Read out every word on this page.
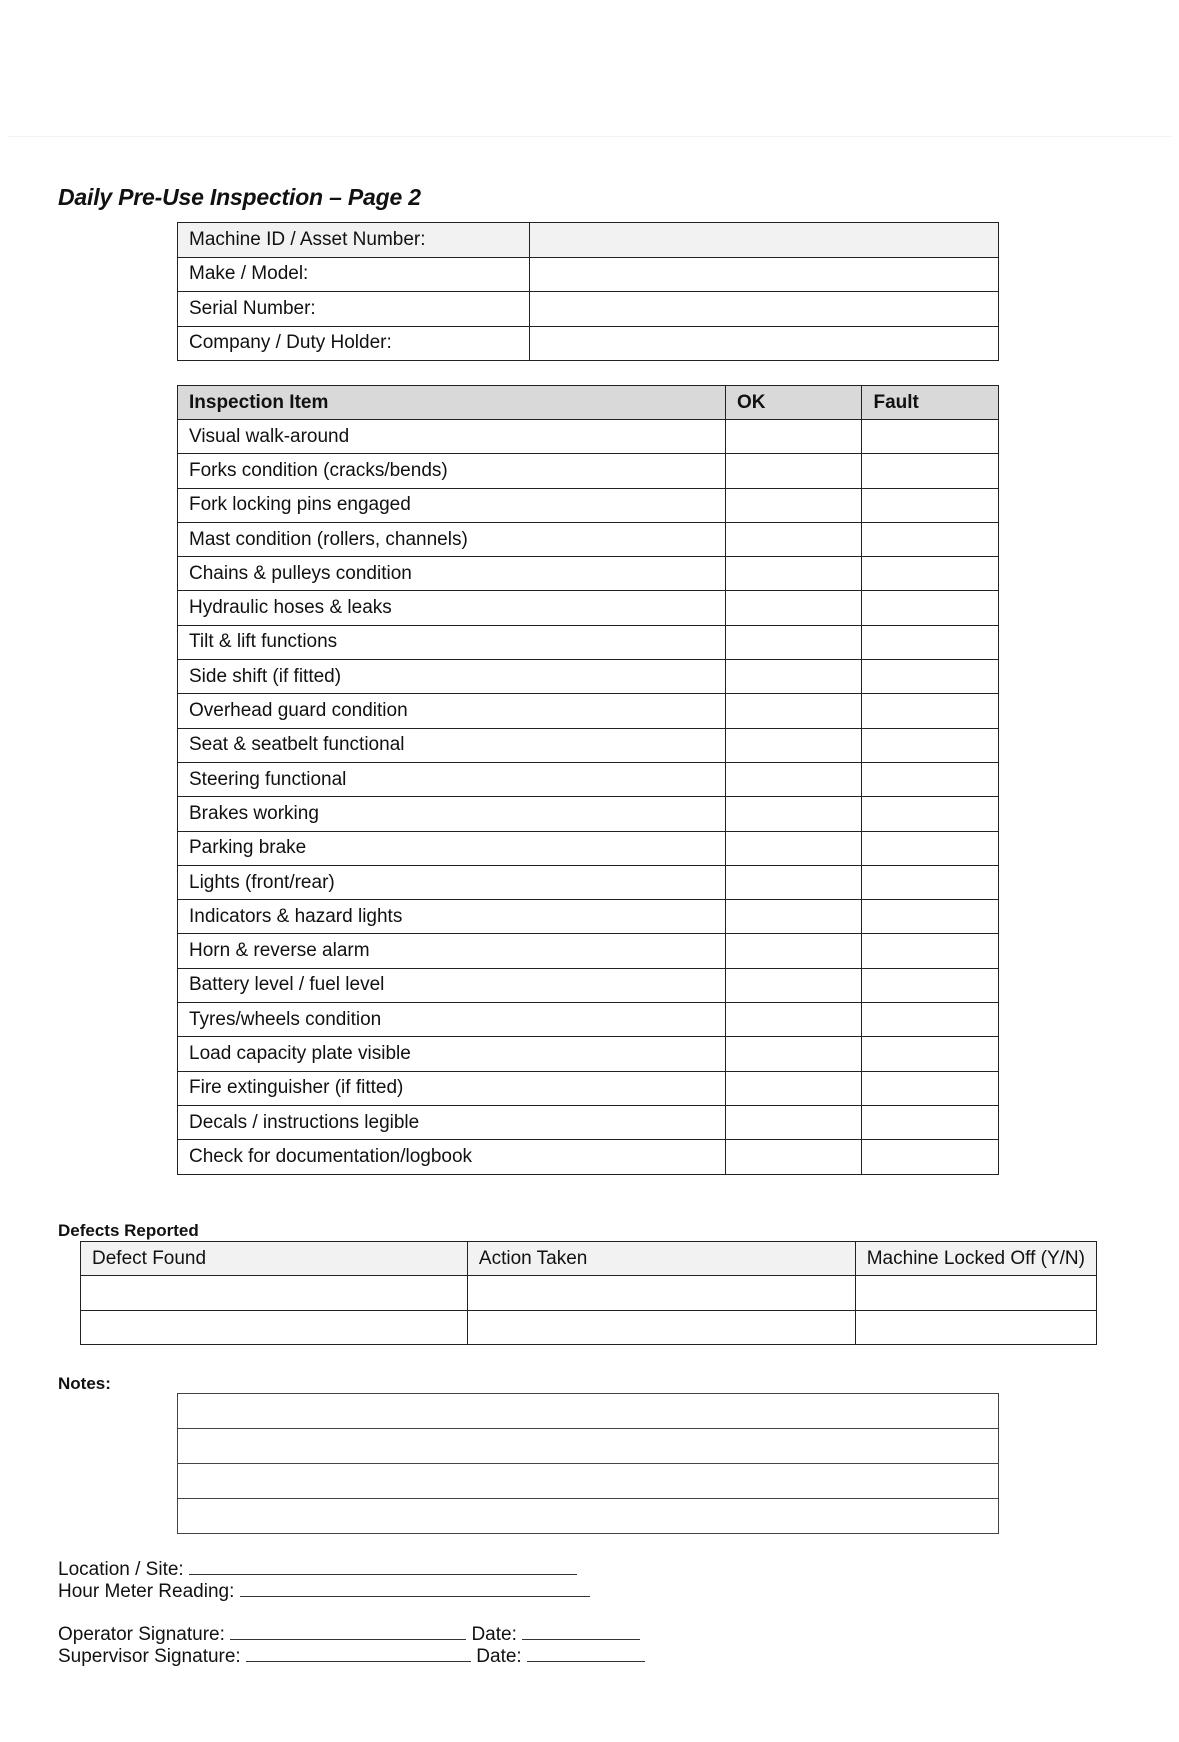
Daily Pre-Use Inspection – Page 2
Machine ID / Asset Number:	
Make / Model:	
Serial Number:	
Company / Duty Holder:	
Inspection Item	OK	Fault
Visual walk-around		
Forks condition (cracks/bends)		
Fork locking pins engaged		
Mast condition (rollers, channels)		
Chains & pulleys condition		
Hydraulic hoses & leaks		
Tilt & lift functions		
Side shift (if fitted)		
Overhead guard condition		
Seat & seatbelt functional		
Steering functional		
Brakes working		
Parking brake		
Lights (front/rear)		
Indicators & hazard lights		
Horn & reverse alarm		
Battery level / fuel level		
Tyres/wheels condition		
Load capacity plate visible		
Fire extinguisher (if fitted)		
Decals / instructions legible		
Check for documentation/logbook		
Defects Reported
Defect Found	Action Taken	Machine Locked Off (Y/N)

Notes:

Location / Site:
Hour Meter Reading:
Operator Signature:	Date:
Supervisor Signature:	Date:
